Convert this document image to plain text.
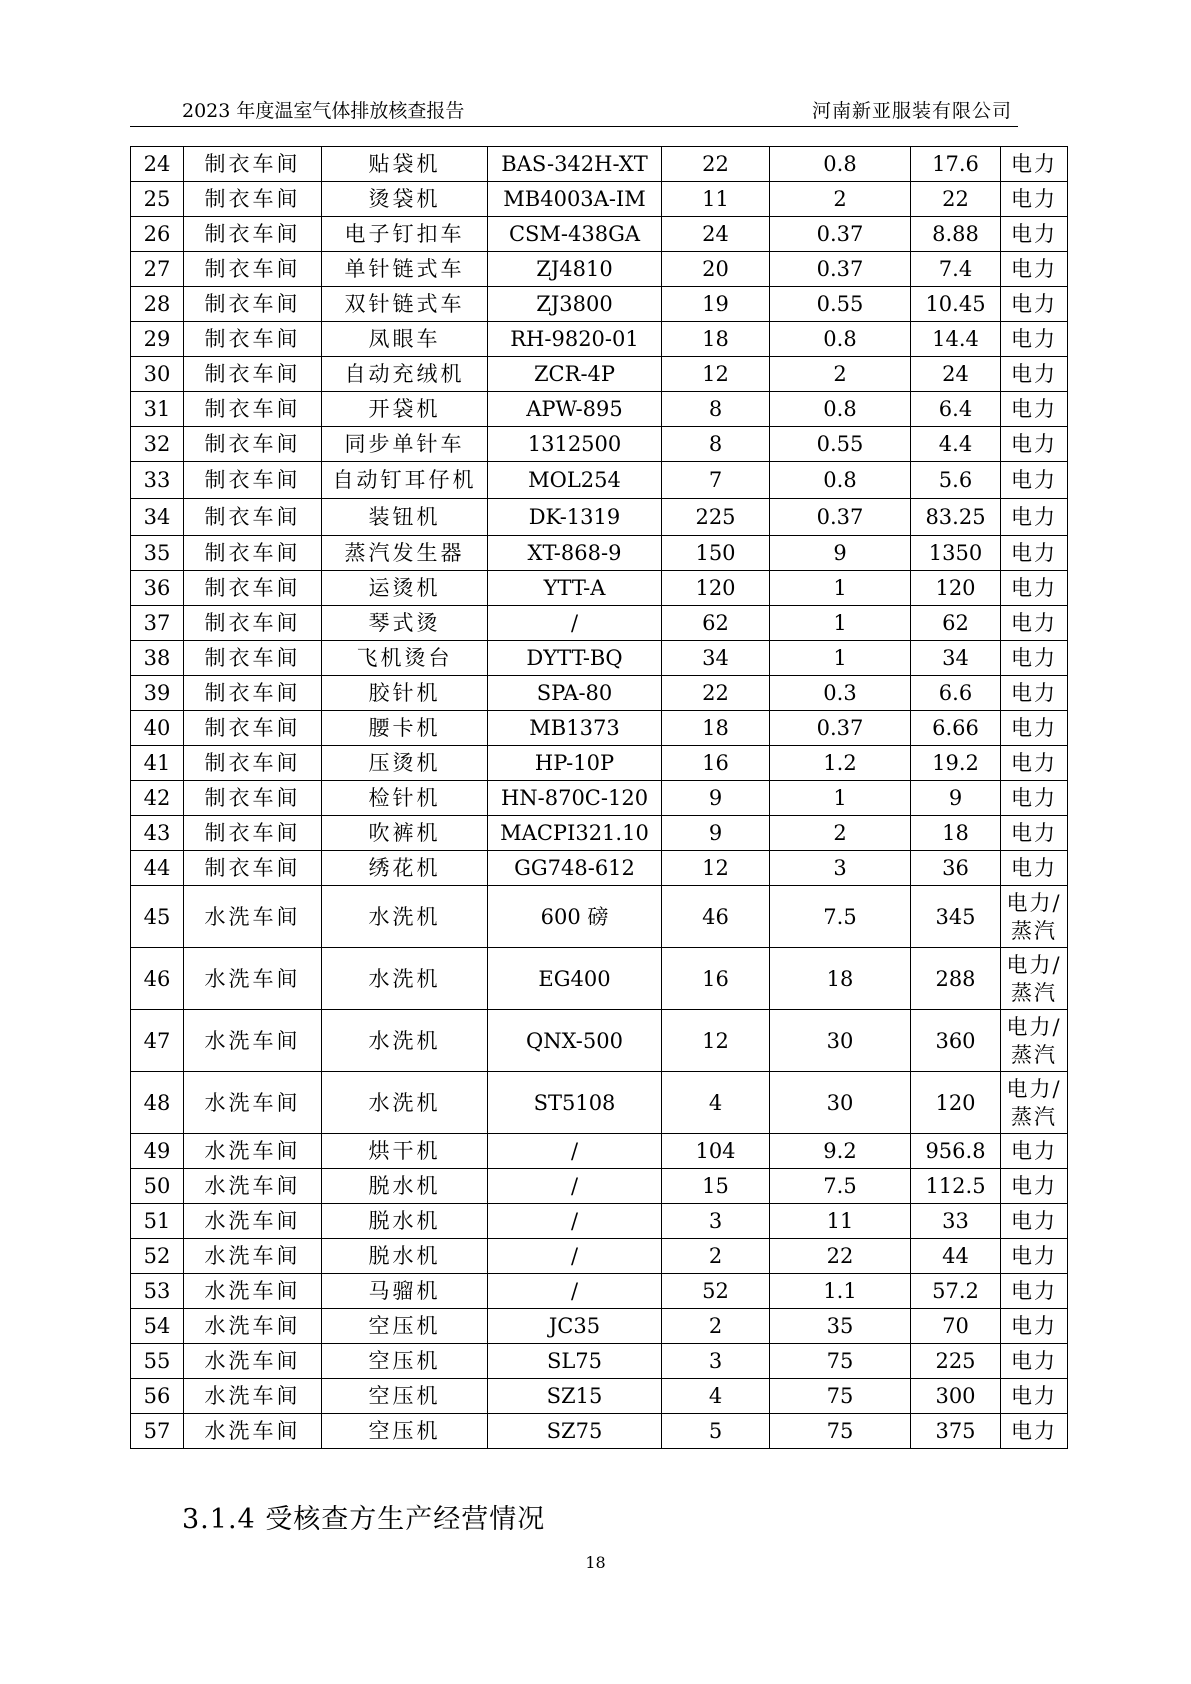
2023 年度温室气体排放核查报告	河南新亚服装有限公司
24	制衣车间	贴袋机	BAS-342H-XT	22	0.8	17.6	电力
25	制衣车间	烫袋机	MB4003A-IM	11	2	22	电力
26	制衣车间	电子钉扣车	CSM-438GA	24	0.37	8.88	电力
27	制衣车间	单针链式车	ZJ4810	20	0.37	7.4	电力
28	制衣车间	双针链式车	ZJ3800	19	0.55	10.45	电力
29	制衣车间	凤眼车	RH-9820-01	18	0.8	14.4	电力
30	制衣车间	自动充绒机	ZCR-4P	12	2	24	电力
31	制衣车间	开袋机	APW-895	8	0.8	6.4	电力
32	制衣车间	同步单针车	1312500	8	0.55	4.4	电力
33	制衣车间	自动钉耳仔机	MOL254	7	0.8	5.6	电力
34	制衣车间	装钮机	DK-1319	225	0.37	83.25	电力
35	制衣车间	蒸汽发生器	XT-868-9	150	9	1350	电力
36	制衣车间	运烫机	YTT-A	120	1	120	电力
37	制衣车间	琴式烫	/	62	1	62	电力
38	制衣车间	飞机烫台	DYTT-BQ	34	1	34	电力
39	制衣车间	胶针机	SPA-80	22	0.3	6.6	电力
40	制衣车间	腰卡机	MB1373	18	0.37	6.66	电力
41	制衣车间	压烫机	HP-10P	16	1.2	19.2	电力
42	制衣车间	检针机	HN-870C-120	9	1	9	电力
43	制衣车间	吹裤机	MACPI321.10	9	2	18	电力
44	制衣车间	绣花机	GG748-612	12	3	36	电力
45	水洗车间	水洗机	600 磅	46	7.5	345	电力/蒸汽
46	水洗车间	水洗机	EG400	16	18	288	电力/蒸汽
47	水洗车间	水洗机	QNX-500	12	30	360	电力/蒸汽
48	水洗车间	水洗机	ST5108	4	30	120	电力/蒸汽
49	水洗车间	烘干机	/	104	9.2	956.8	电力
50	水洗车间	脱水机	/	15	7.5	112.5	电力
51	水洗车间	脱水机	/	3	11	33	电力
52	水洗车间	脱水机	/	2	22	44	电力
53	水洗车间	马骝机	/	52	1.1	57.2	电力
54	水洗车间	空压机	JC35	2	35	70	电力
55	水洗车间	空压机	SL75	3	75	225	电力
56	水洗车间	空压机	SZ15	4	75	300	电力
57	水洗车间	空压机	SZ75	5	75	375	电力
3.1.4 受核查方生产经营情况
18
